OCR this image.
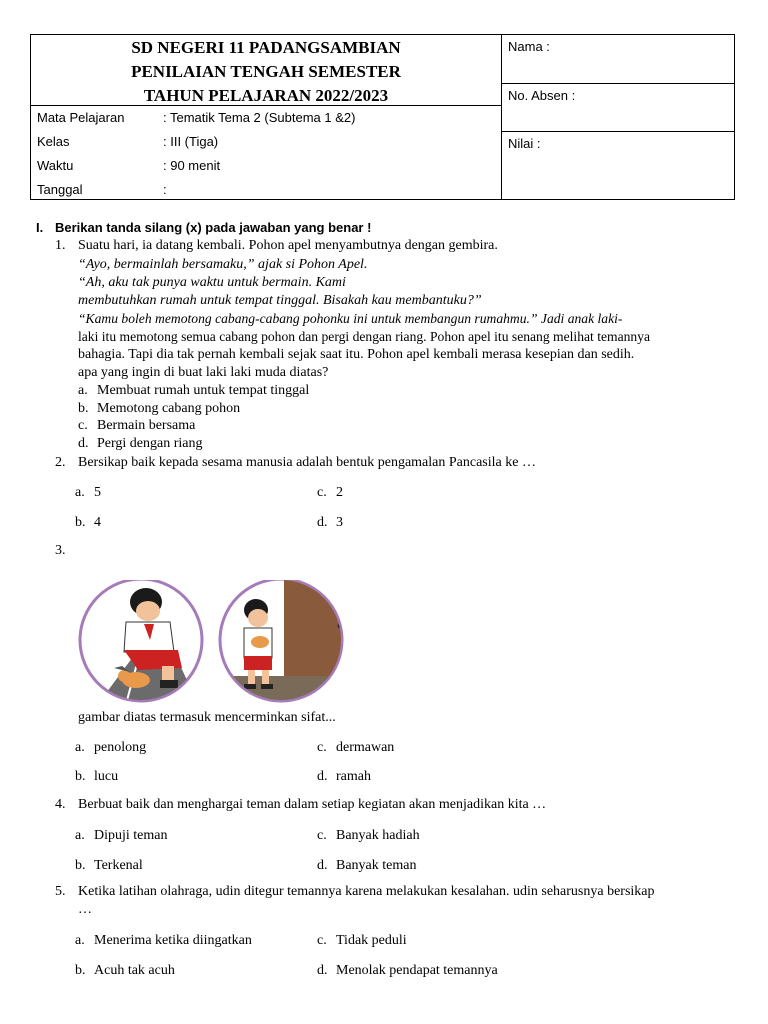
SD NEGERI 11 PADANGSAMBIAN
PENILAIAN TENGAH SEMESTER
TAHUN PELAJARAN 2022/2023
Mata Pelajaran	: Tematik Tema 2 (Subtema 1 &2)
Kelas	: III (Tiga)
Waktu	: 90 menit
Tanggal	:
Nama :
No. Absen :
Nilai :
I. Berikan tanda silang (x) pada jawaban yang benar !
1. Suatu hari, ia datang kembali. Pohon apel menyambutnya dengan gembira.
“Ayo, bermainlah bersamaku,” ajak si Pohon Apel.
“Ah, aku tak punya waktu untuk bermain. Kami
membutuhkan rumah untuk tempat tinggal. Bisakah kau membantuku?”
“Kamu boleh memotong cabang-cabang pohonku ini untuk membangun rumahmu.” Jadi anak laki-
laki itu memotong semua cabang pohon dan pergi dengan riang. Pohon apel itu senang melihat temannya
bahagia. Tapi dia tak pernah kembali sejak saat itu. Pohon apel kembali merasa kesepian dan sedih.
apa yang ingin di buat laki laki muda diatas?
a. Membuat rumah untuk tempat tinggal
b. Memotong cabang pohon
c. Bermain bersama
d. Pergi dengan riang
2. Bersikap baik kepada sesama manusia adalah bentuk pengamalan Pancasila ke …
a. 5	c. 2
b. 4	d. 3
3.
gambar diatas termasuk mencerminkan sifat...
a. penolong	c. dermawan
b. lucu	d. ramah
4. Berbuat baik dan menghargai teman dalam setiap kegiatan akan menjadikan kita …
a. Dipuji teman	c. Banyak hadiah
b. Terkenal	d. Banyak teman
5. Ketika latihan olahraga, udin ditegur temannya karena melakukan kesalahan. udin seharusnya bersikap
…
a. Menerima ketika diingatkan	c. Tidak peduli
b. Acuh tak acuh	d. Menolak pendapat temannya
